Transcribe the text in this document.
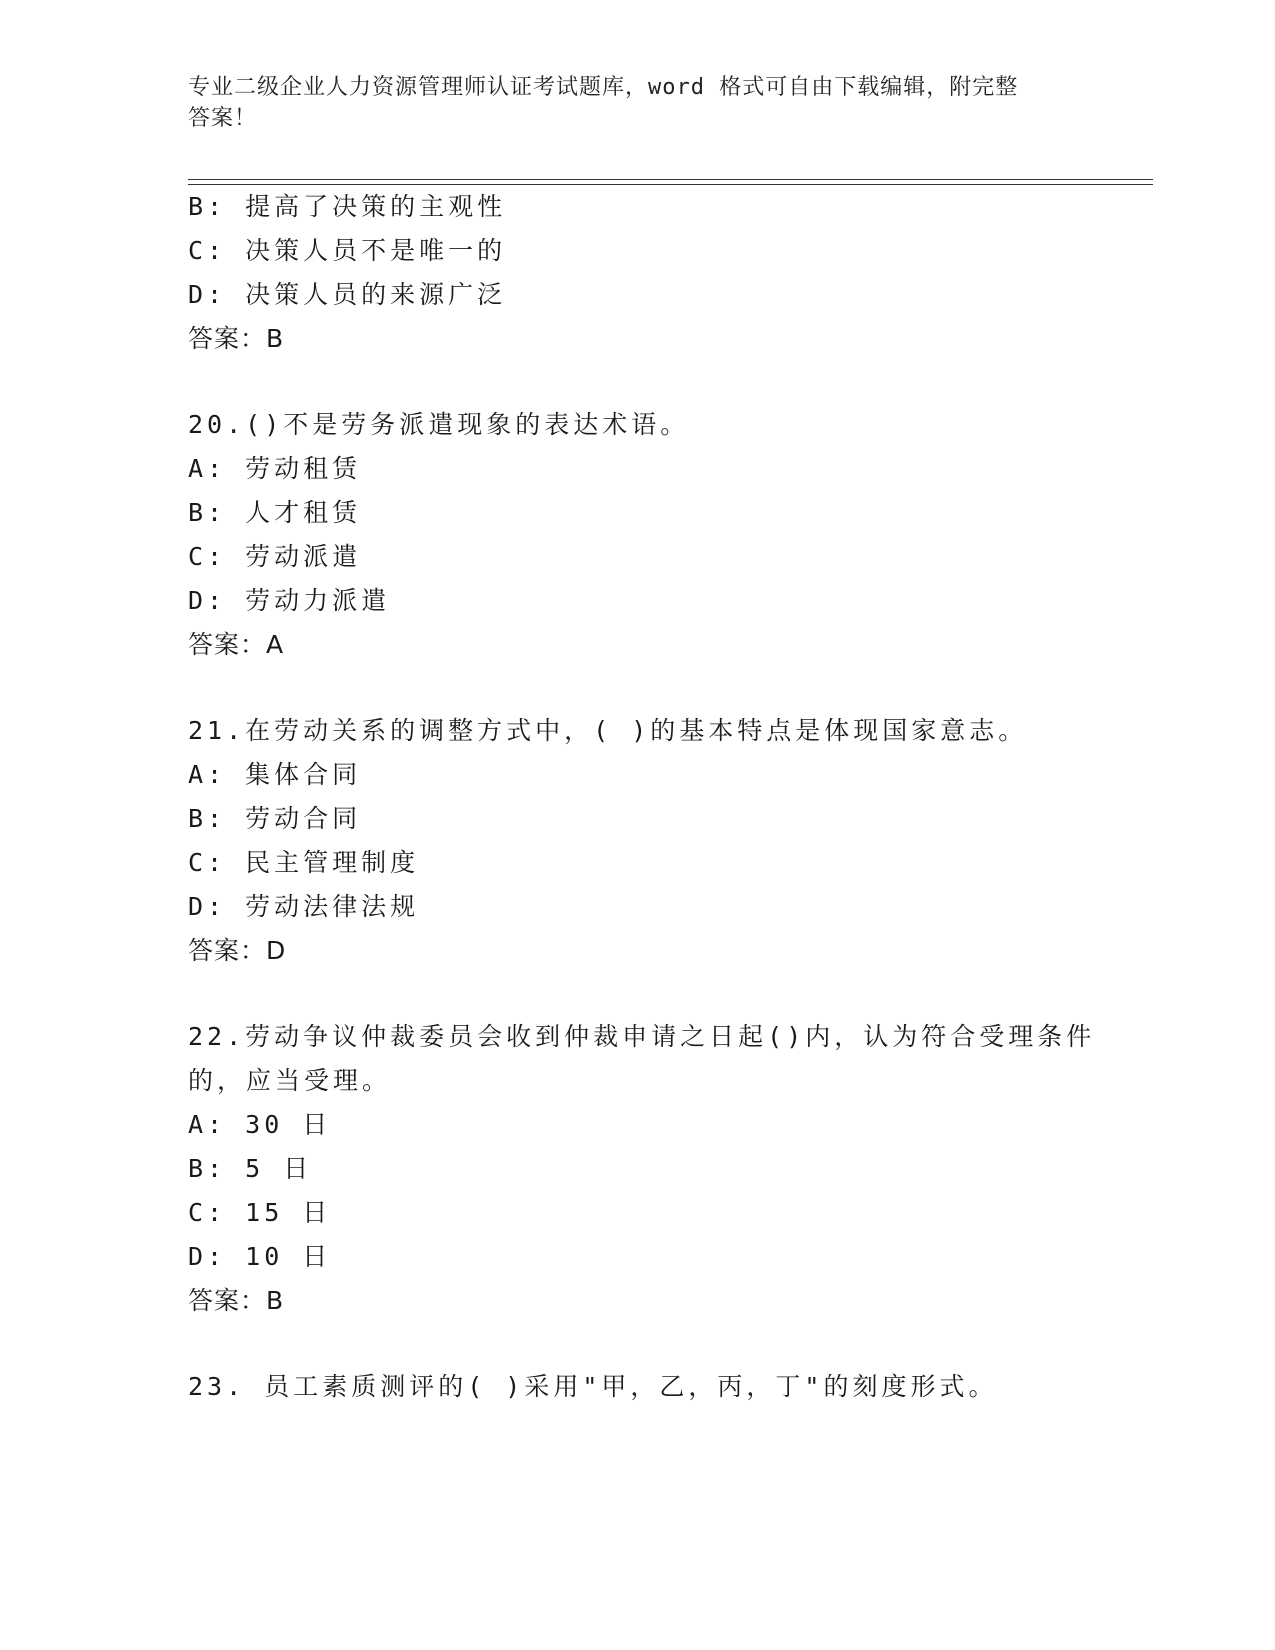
专业二级企业人力资源管理师认证考试题库，word 格式可自由下载编辑，附完整
答案！
B: 提高了决策的主观性
C: 决策人员不是唯一的
D: 决策人员的来源广泛
答案：B
20.()不是劳务派遣现象的表达术语。
A: 劳动租赁
B: 人才租赁
C: 劳动派遣
D: 劳动力派遣
答案：A
21.在劳动关系的调整方式中，( )的基本特点是体现国家意志。
A: 集体合同
B: 劳动合同
C: 民主管理制度
D: 劳动法律法规
答案：D
22.劳动争议仲裁委员会收到仲裁申请之日起()内，认为符合受理条件
的，应当受理。
A: 30 日
B: 5 日
C: 15 日
D: 10 日
答案：B
23. 员工素质测评的( )采用"甲，乙，丙，丁"的刻度形式。
